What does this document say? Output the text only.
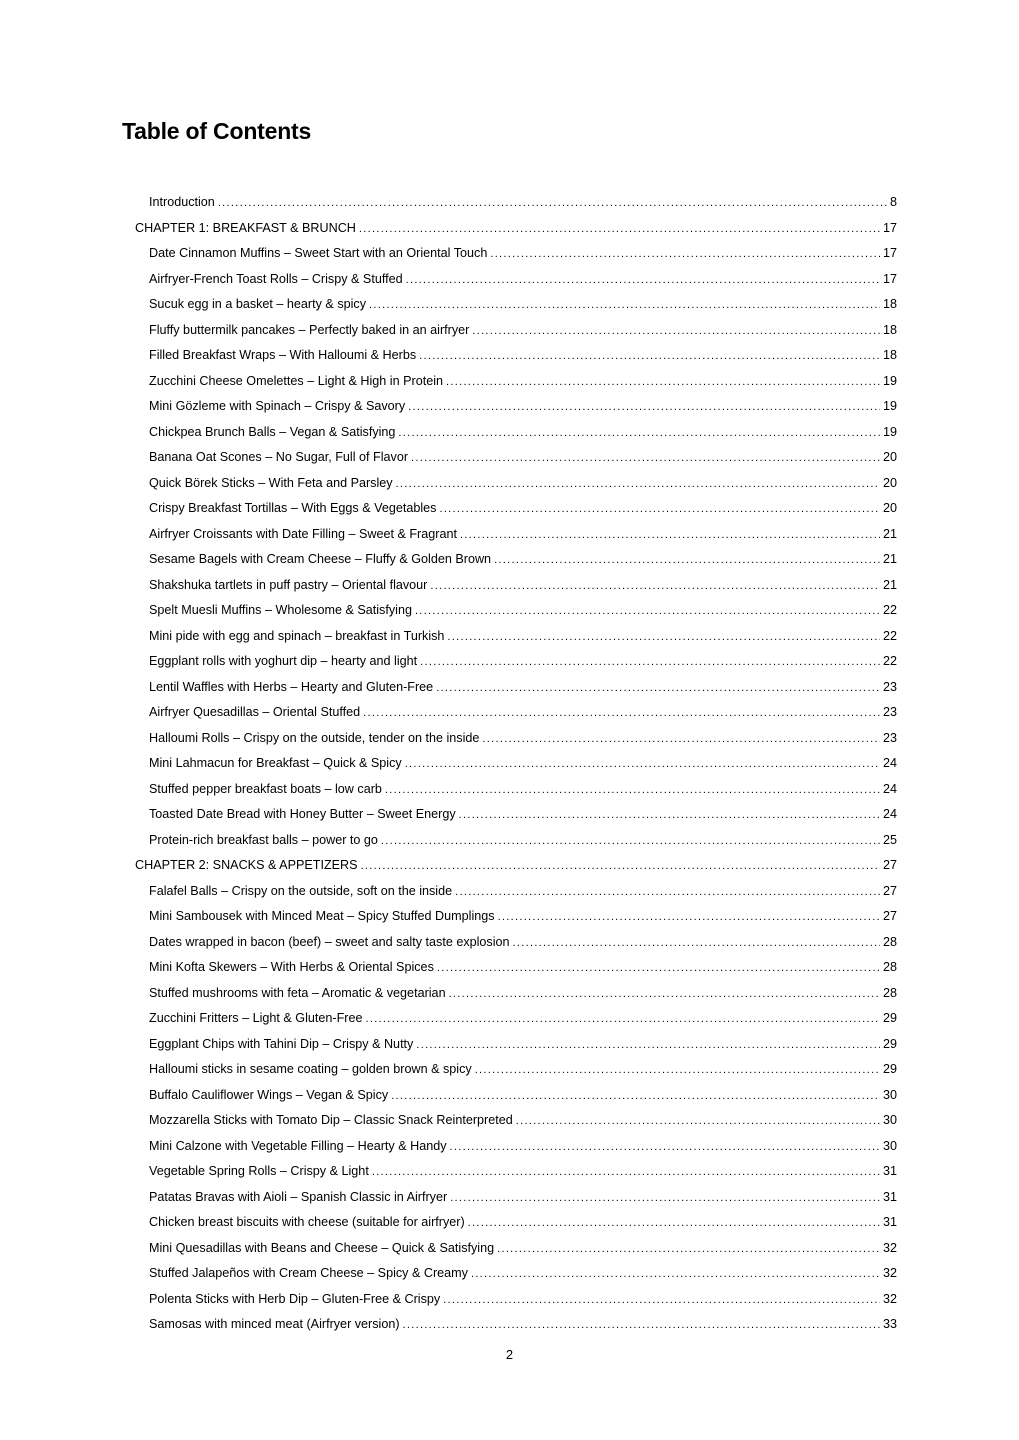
Table of Contents
Introduction .....	8
CHAPTER 1: BREAKFAST & BRUNCH .....	17
Date Cinnamon Muffins – Sweet Start with an Oriental Touch .....	17
Airfryer-French Toast Rolls – Crispy & Stuffed .....	17
Sucuk egg in a basket – hearty & spicy .....	18
Fluffy buttermilk pancakes – Perfectly baked in an airfryer .....	18
Filled Breakfast Wraps – With Halloumi & Herbs .....	18
Zucchini Cheese Omelettes – Light & High in Protein .....	19
Mini Gözleme with Spinach – Crispy & Savory .....	19
Chickpea Brunch Balls – Vegan & Satisfying .....	19
Banana Oat Scones – No Sugar, Full of Flavor .....	20
Quick Börek Sticks – With Feta and Parsley .....	20
Crispy Breakfast Tortillas – With Eggs & Vegetables .....	20
Airfryer Croissants with Date Filling – Sweet & Fragrant .....	21
Sesame Bagels with Cream Cheese – Fluffy & Golden Brown .....	21
Shakshuka tartlets in puff pastry – Oriental flavour .....	21
Spelt Muesli Muffins – Wholesome & Satisfying .....	22
Mini pide with egg and spinach – breakfast in Turkish .....	22
Eggplant rolls with yoghurt dip – hearty and light .....	22
Lentil Waffles with Herbs – Hearty and Gluten-Free .....	23
Airfryer Quesadillas – Oriental Stuffed .....	23
Halloumi Rolls – Crispy on the outside, tender on the inside .....	23
Mini Lahmacun for Breakfast – Quick & Spicy .....	24
Stuffed pepper breakfast boats – low carb .....	24
Toasted Date Bread with Honey Butter – Sweet Energy .....	24
Protein-rich breakfast balls – power to go .....	25
CHAPTER 2: SNACKS & APPETIZERS .....	27
Falafel Balls – Crispy on the outside, soft on the inside .....	27
Mini Sambousek with Minced Meat – Spicy Stuffed Dumplings .....	27
Dates wrapped in bacon (beef) – sweet and salty taste explosion .....	28
Mini Kofta Skewers – With Herbs & Oriental Spices .....	28
Stuffed mushrooms with feta – Aromatic & vegetarian .....	28
Zucchini Fritters – Light & Gluten-Free .....	29
Eggplant Chips with Tahini Dip – Crispy & Nutty .....	29
Halloumi sticks in sesame coating – golden brown & spicy .....	29
Buffalo Cauliflower Wings – Vegan & Spicy .....	30
Mozzarella Sticks with Tomato Dip – Classic Snack Reinterpreted .....	30
Mini Calzone with Vegetable Filling – Hearty & Handy .....	30
Vegetable Spring Rolls – Crispy & Light .....	31
Patatas Bravas with Aioli – Spanish Classic in Airfryer .....	31
Chicken breast biscuits with cheese (suitable for airfryer) .....	31
Mini Quesadillas with Beans and Cheese – Quick & Satisfying .....	32
Stuffed Jalapeños with Cream Cheese – Spicy & Creamy .....	32
Polenta Sticks with Herb Dip – Gluten-Free & Crispy .....	32
Samosas with minced meat (Airfryer version) .....	33
2
